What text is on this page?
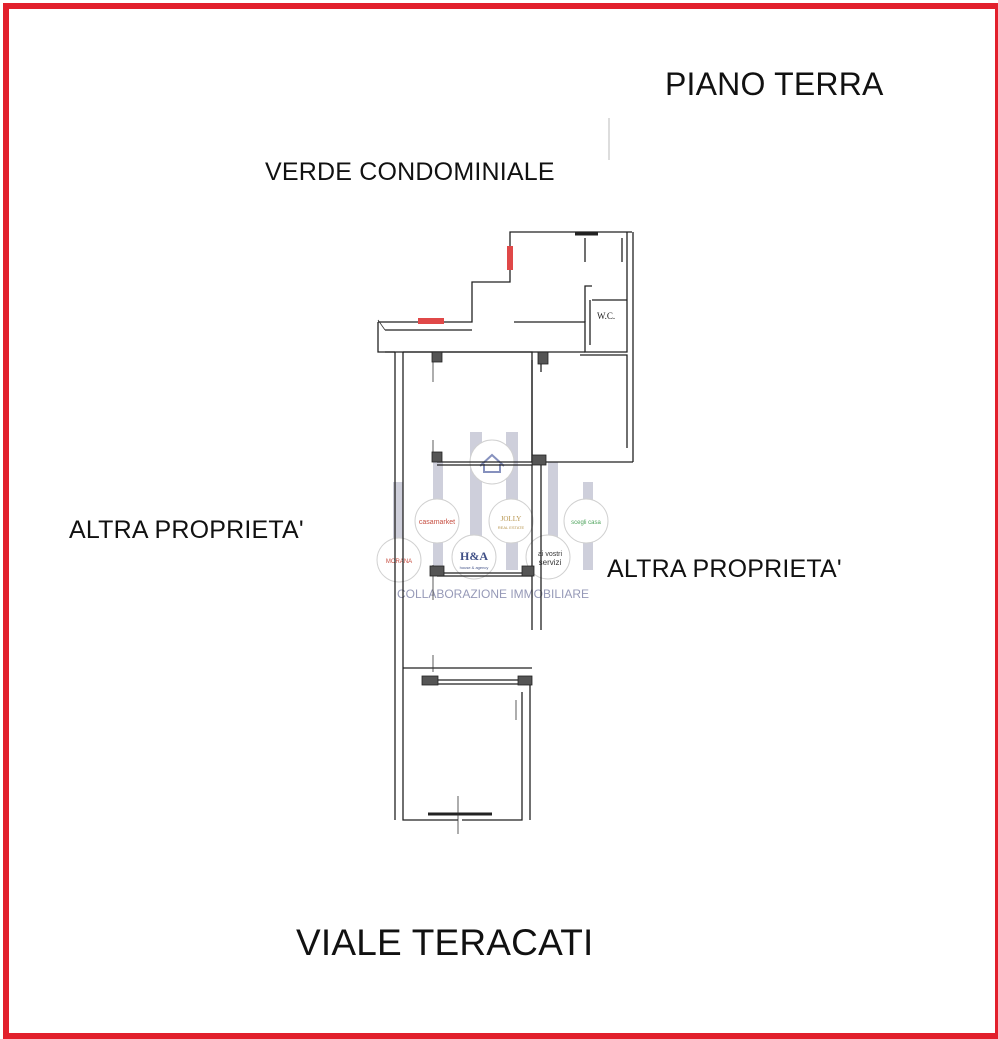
casamarket	JOLLY
REAL ESTATE
scegli casa
MORANA	H&A
house & agency
ai vostri
servizi
COLLABORAZIONE IMMOBILIARE
W.C.
PIANO TERRA
VERDE CONDOMINIALE
ALTRA PROPRIETA'
ALTRA PROPRIETA'
VIALE TERACATI
